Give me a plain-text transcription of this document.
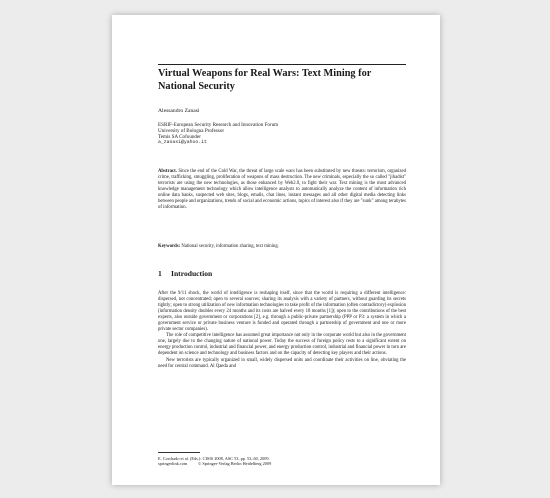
Virtual Weapons for Real Wars: Text Mining for National Security
Alessandro Zanasi
ESRIF-European Security Research and Innovation Forum
University of Bologna Professor
Temis SA Cofounder
a_zanasi@yahoo.it
Abstract. Since the end of the Cold War, the threat of large scale wars has been substituted by new threats: terrorism, organized crime, trafficking, smuggling, proliferation of weapons of mass destruction. The new criminals, especially the so called "jihadist" terrorists are using the new technologies, as those enhanced by Web2.0, to fight their war. Text mining is the most advanced knowledge management technology which allow intelligence analysts to automatically analyze the content of information rich online data banks, suspected web sites, blogs, emails, chat lines, instant messages and all other digital media detecting links between people and organizations, trends of social and economic actions, topics of interest also if they are "sunk" among terabytes of information.
Keywords: National security, information sharing, text mining.
1 Introduction

After the 9/11 shock, the world of intelligence is reshaping itself, since that the world is requiring a different intelligence: dispersed, not concentrated; open to several sources; sharing its analysis with a variety of partners, without guarding its secrets tightly; open to strong utilization of new information technologies to take profit of the information (often contradictory) explosion (information density doubles every 24 months and its costs are halved every 18 months [1]); open to the contributions of the best experts, also outside government or corporations [2], e.g. through a public-private partnership (PPP or P3: a system in which a government service or private business venture is funded and operated through a partnership of government and one or more private sector companies).

The role of competitive intelligence has assumed great importance not only in the corporate world but also in the government one, largely due to the changing nature of national power. Today the success of foreign policy rests to a significant extent on energy production control, industrial and financial power, and energy production control, industrial and financial power in turn are dependent on science and technology and business factors and on the capacity of detecting key players and their actions.

New terrorists are typically organized in small, widely dispersed units and coordinate their activities on line, obviating the need for central command. Al Qaeda and

E. Corchado et al. (Eds.): CISIS 2008, ASC 53, pp. 53–60, 2009.
springerlink.com          © Springer-Verlag Berlin Heidelberg 2009
